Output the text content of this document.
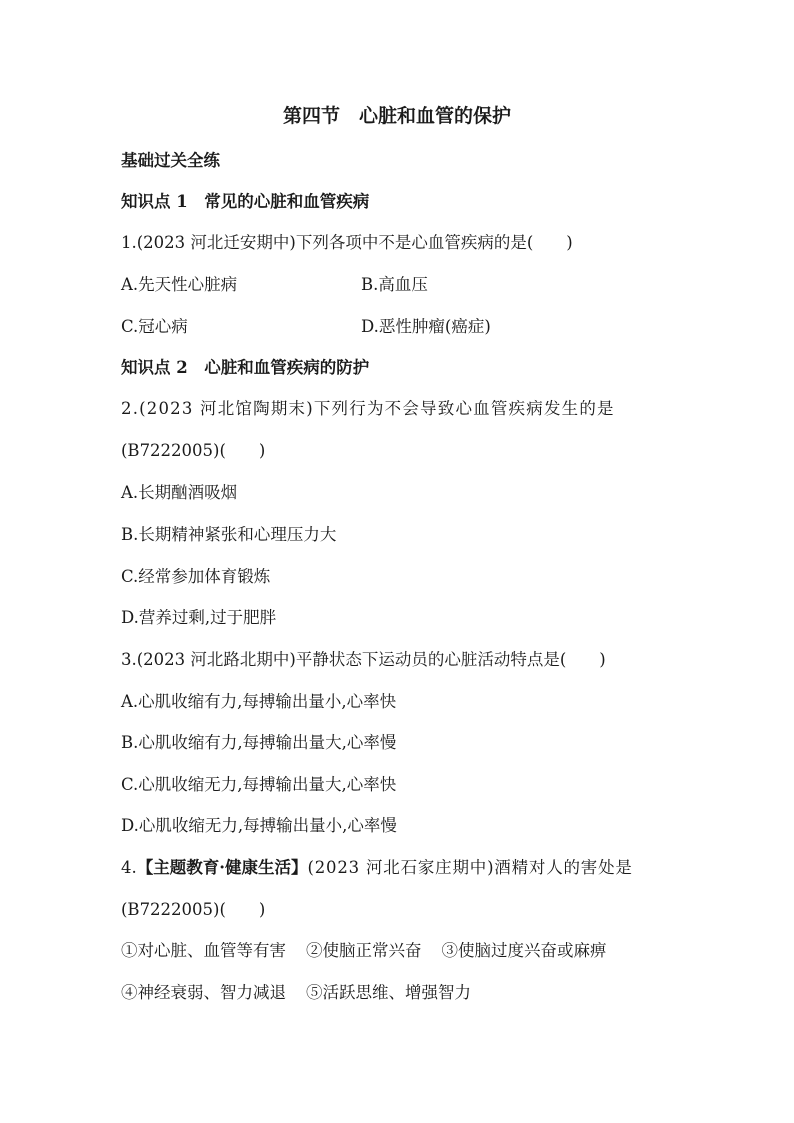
第四节　心脏和血管的保护
基础过关全练
知识点 1　常见的心脏和血管疾病
1.(2023 河北迁安期中)下列各项中不是心血管疾病的是(　　)
A.先天性心脏病	B.高血压
C.冠心病	D.恶性肿瘤(癌症)
知识点 2　心脏和血管疾病的防护
2.(2023 河北馆陶期末)下列行为不会导致心血管疾病发生的是
(B7222005)(　　)
A.长期酗酒吸烟
B.长期精神紧张和心理压力大
C.经常参加体育锻炼
D.营养过剩,过于肥胖
3.(2023 河北路北期中)平静状态下运动员的心脏活动特点是(　　)
A.心肌收缩有力,每搏输出量小,心率快
B.心肌收缩有力,每搏输出量大,心率慢
C.心肌收缩无力,每搏输出量大,心率快
D.心肌收缩无力,每搏输出量小,心率慢
4.【主题教育·健康生活】(2023 河北石家庄期中)酒精对人的害处是
(B7222005)(　　)
①对心脏、血管等有害 ②使脑正常兴奋 ③使脑过度兴奋或麻痹
④神经衰弱、智力减退 ⑤活跃思维、增强智力
